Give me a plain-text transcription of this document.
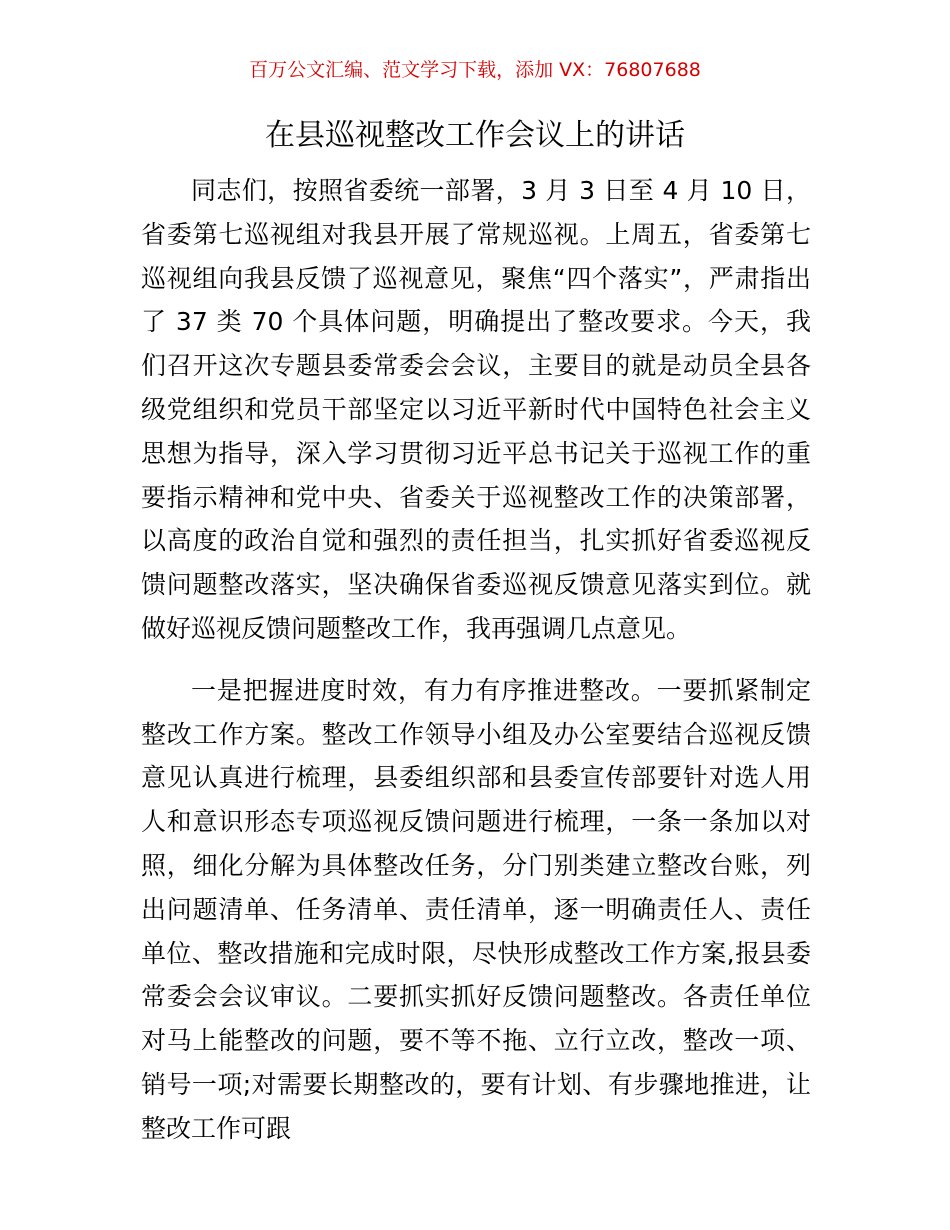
百万公文汇编、范文学习下载，添加 VX：76807688
在县巡视整改工作会议上的讲话

同志们，按照省委统一部署，3 月 3 日至 4 月 10 日，省委第七巡视组对我县开展了常规巡视。上周五，省委第七巡视组向我县反馈了巡视意见，聚焦“四个落实”，严肃指出了 37 类 70 个具体问题，明确提出了整改要求。今天，我们召开这次专题县委常委会会议，主要目的就是动员全县各级党组织和党员干部坚定以习近平新时代中国特色社会主义思想为指导，深入学习贯彻习近平总书记关于巡视工作的重要指示精神和党中央、省委关于巡视整改工作的决策部署，以高度的政治自觉和强烈的责任担当，扎实抓好省委巡视反馈问题整改落实，坚决确保省委巡视反馈意见落实到位。就做好巡视反馈问题整改工作，我再强调几点意见。

一是把握进度时效，有力有序推进整改。一要抓紧制定整改工作方案。整改工作领导小组及办公室要结合巡视反馈意见认真进行梳理，县委组织部和县委宣传部要针对选人用人和意识形态专项巡视反馈问题进行梳理，一条一条加以对照，细化分解为具体整改任务，分门别类建立整改台账，列出问题清单、任务清单、责任清单，逐一明确责任人、责任单位、整改措施和完成时限，尽快形成整改工作方案,报县委常委会会议审议。二要抓实抓好反馈问题整改。各责任单位对马上能整改的问题，要不等不拖、立行立改，整改一项、销号一项;对需要长期整改的，要有计划、有步骤地推进，让整改工作可跟
